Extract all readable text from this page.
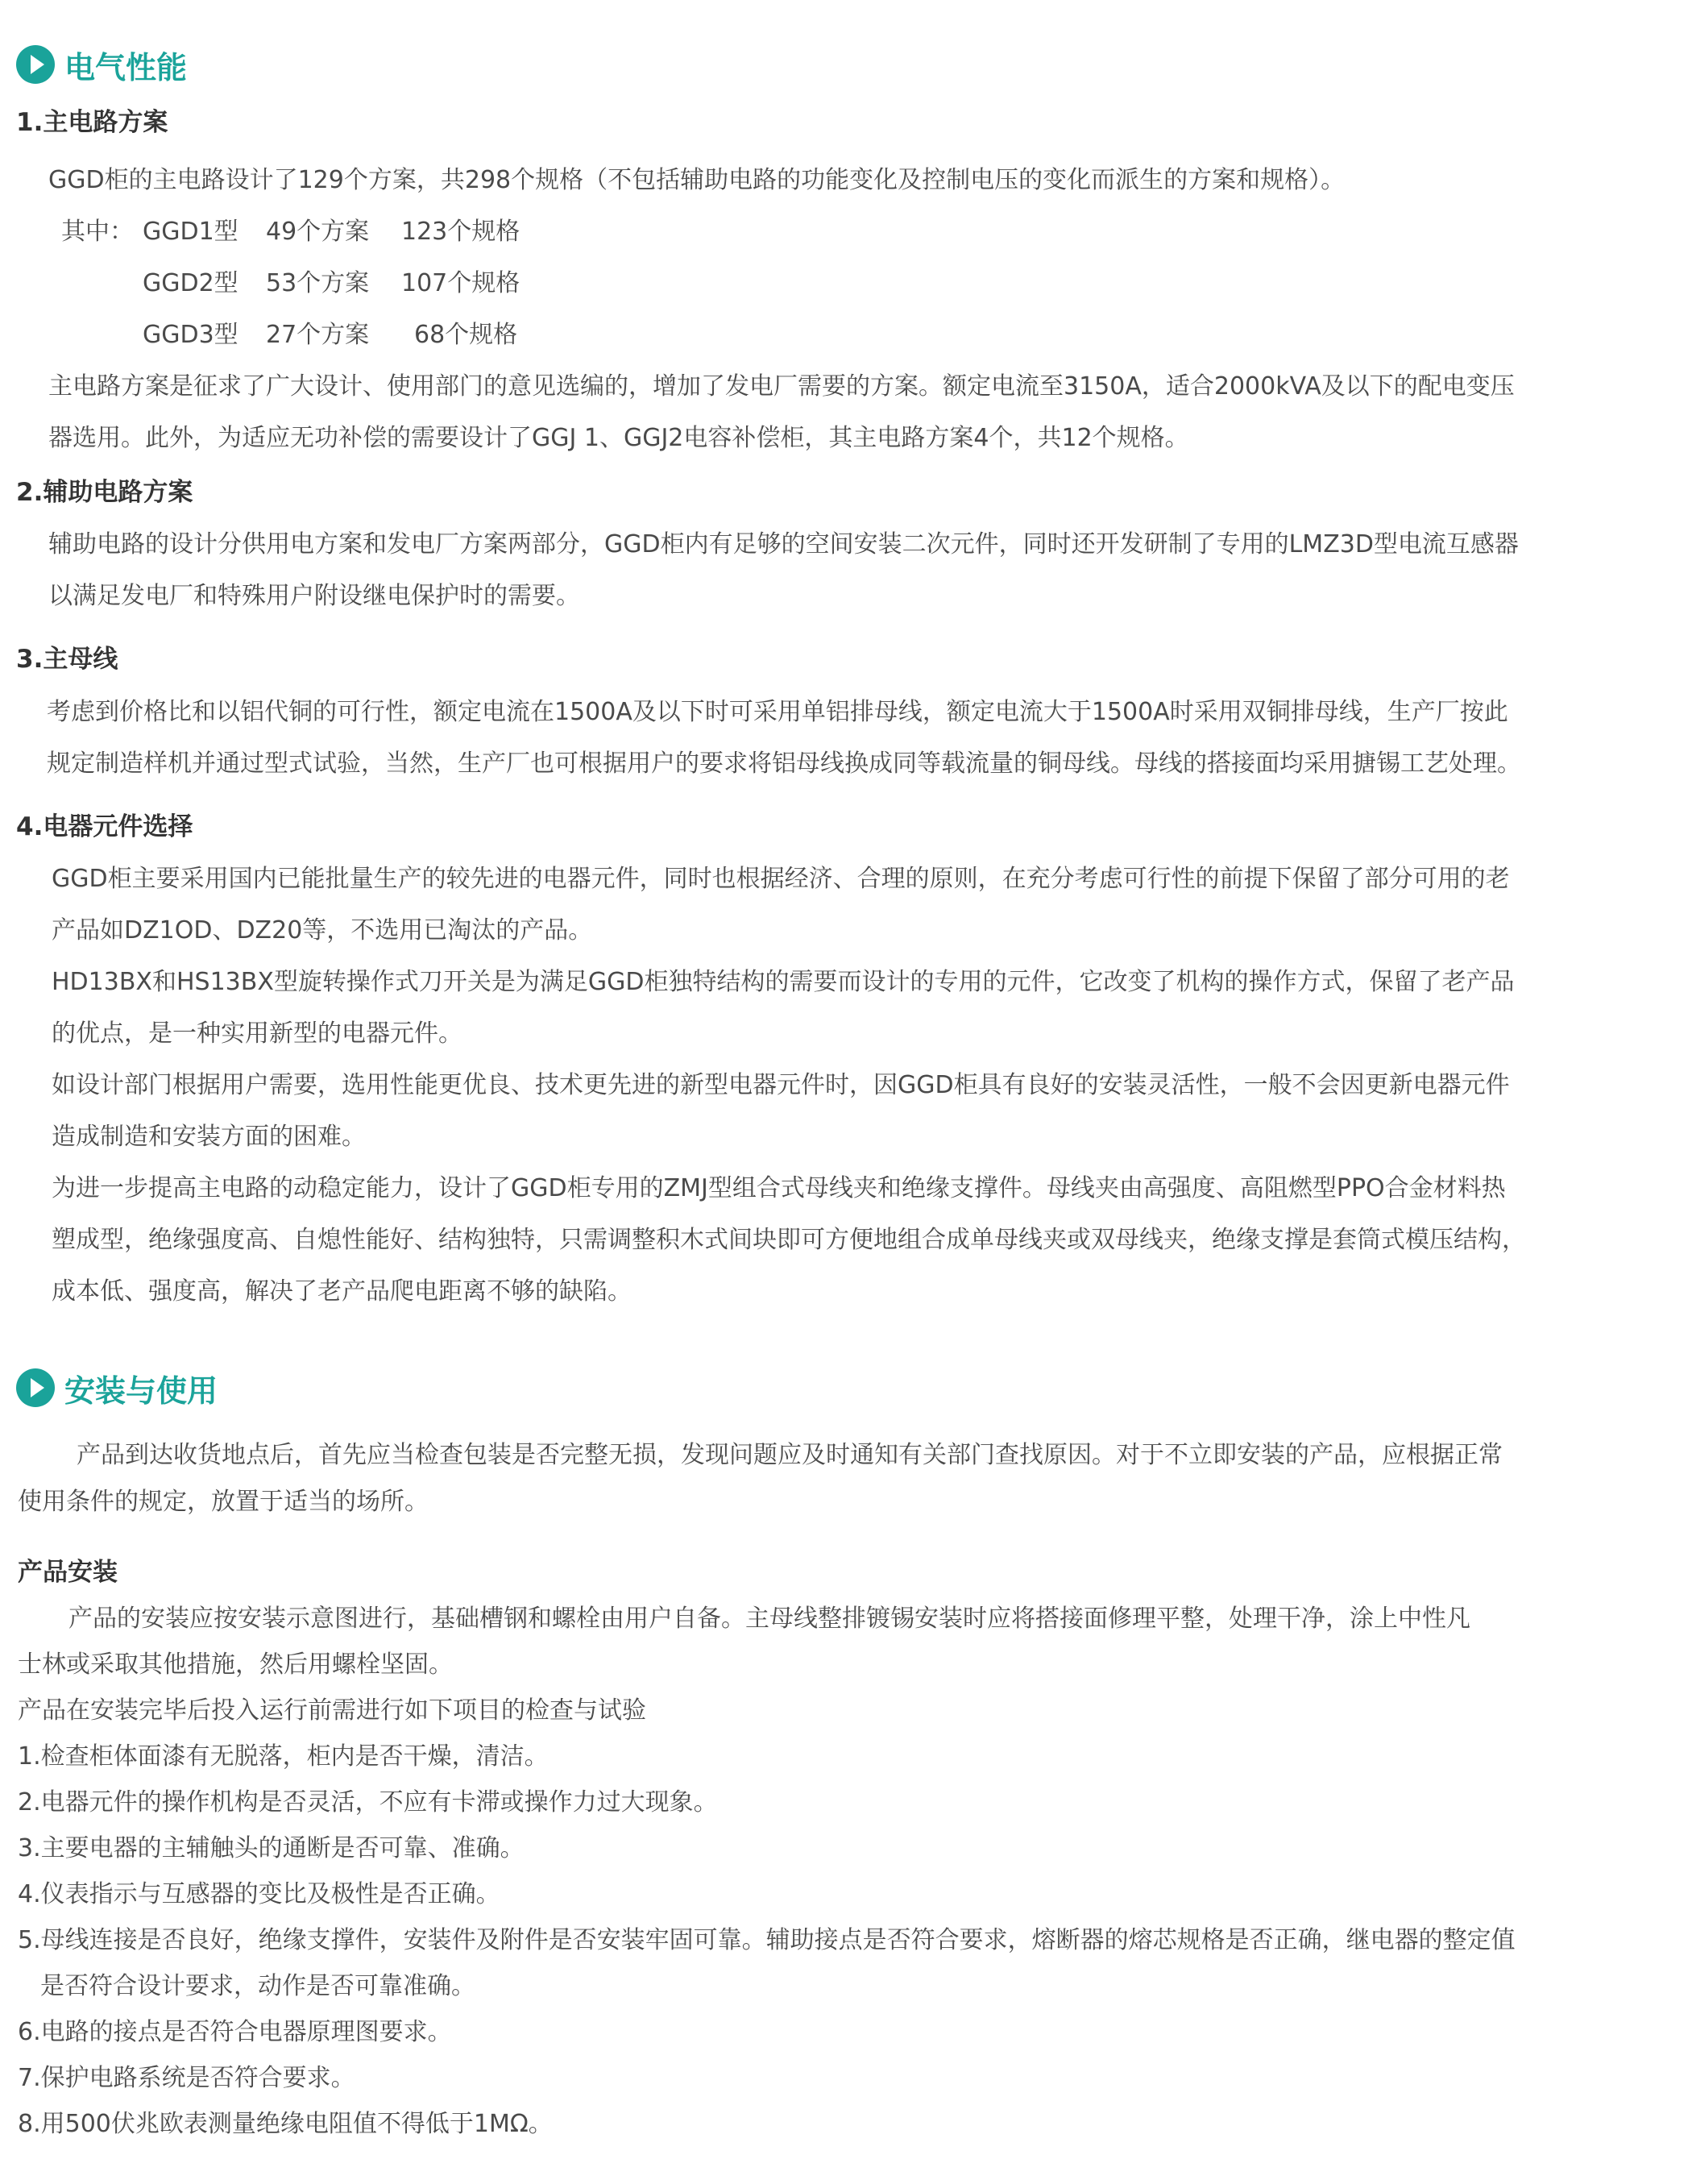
电气性能
1.主电路方案
GGD柜的主电路设计了129个方案，共298个规格（不包括辅助电路的功能变化及控制电压的变化而派生的方案和规格）。
其中： GGD1型 49个方案 123个规格
GGD2型 53个方案 107个规格
GGD3型 27个方案 68个规格
主电路方案是征求了广大设计、使用部门的意见选编的，增加了发电厂需要的方案。额定电流至3150A，适合2000kVA及以下的配电变压
器选用。此外，为适应无功补偿的需要设计了GGJ 1、GGJ2电容补偿柜，其主电路方案4个，共12个规格。
2.辅助电路方案
辅助电路的设计分供用电方案和发电厂方案两部分，GGD柜内有足够的空间安装二次元件，同时还开发研制了专用的LMZ3D型电流互感器
以满足发电厂和特殊用户附设继电保护时的需要。
3.主母线
考虑到价格比和以铝代铜的可行性，额定电流在1500A及以下时可采用单铝排母线，额定电流大于1500A时采用双铜排母线，生产厂按此
规定制造样机并通过型式试验，当然，生产厂也可根据用户的要求将铝母线换成同等载流量的铜母线。母线的搭接面均采用搪锡工艺处理。
4.电器元件选择
GGD柜主要采用国内已能批量生产的较先进的电器元件，同时也根据经济、合理的原则，在充分考虑可行性的前提下保留了部分可用的老
产品如DZ1OD、DZ20等，不选用已淘汰的产品。
HD13BX和HS13BX型旋转操作式刀开关是为满足GGD柜独特结构的需要而设计的专用的元件，它改变了机构的操作方式，保留了老产品
的优点，是一种实用新型的电器元件。
如设计部门根据用户需要，选用性能更优良、技术更先进的新型电器元件时，因GGD柜具有良好的安装灵活性，一般不会因更新电器元件
造成制造和安装方面的困难。
为进一步提高主电路的动稳定能力，设计了GGD柜专用的ZMJ型组合式母线夹和绝缘支撑件。母线夹由高强度、高阻燃型PPO合金材料热
塑成型，绝缘强度高、自熄性能好、结构独特，只需调整积木式间块即可方便地组合成单母线夹或双母线夹，绝缘支撑是套筒式模压结构，
成本低、强度高，解决了老产品爬电距离不够的缺陷。
安装与使用
产品到达收货地点后，首先应当检查包装是否完整无损，发现问题应及时通知有关部门查找原因。对于不立即安装的产品，应根据正常
使用条件的规定，放置于适当的场所。
产品安装
产品的安装应按安装示意图进行，基础槽钢和螺栓由用户自备。主母线整排镀锡安装时应将搭接面修理平整，处理干净，涂上中性凡
士林或采取其他措施，然后用螺栓坚固。
产品在安装完毕后投入运行前需进行如下项目的检查与试验
1.检查柜体面漆有无脱落，柜内是否干燥，清洁。
2.电器元件的操作机构是否灵活，不应有卡滞或操作力过大现象。
3.主要电器的主辅触头的通断是否可靠、准确。
4.仪表指示与互感器的变比及极性是否正确。
5.母线连接是否良好，绝缘支撑件，安装件及附件是否安装牢固可靠。辅助接点是否符合要求，熔断器的熔芯规格是否正确，继电器的整定值
是否符合设计要求，动作是否可靠准确。
6.电路的接点是否符合电器原理图要求。
7.保护电路系统是否符合要求。
8.用500伏兆欧表测量绝缘电阻值不得低于1MΩ。
